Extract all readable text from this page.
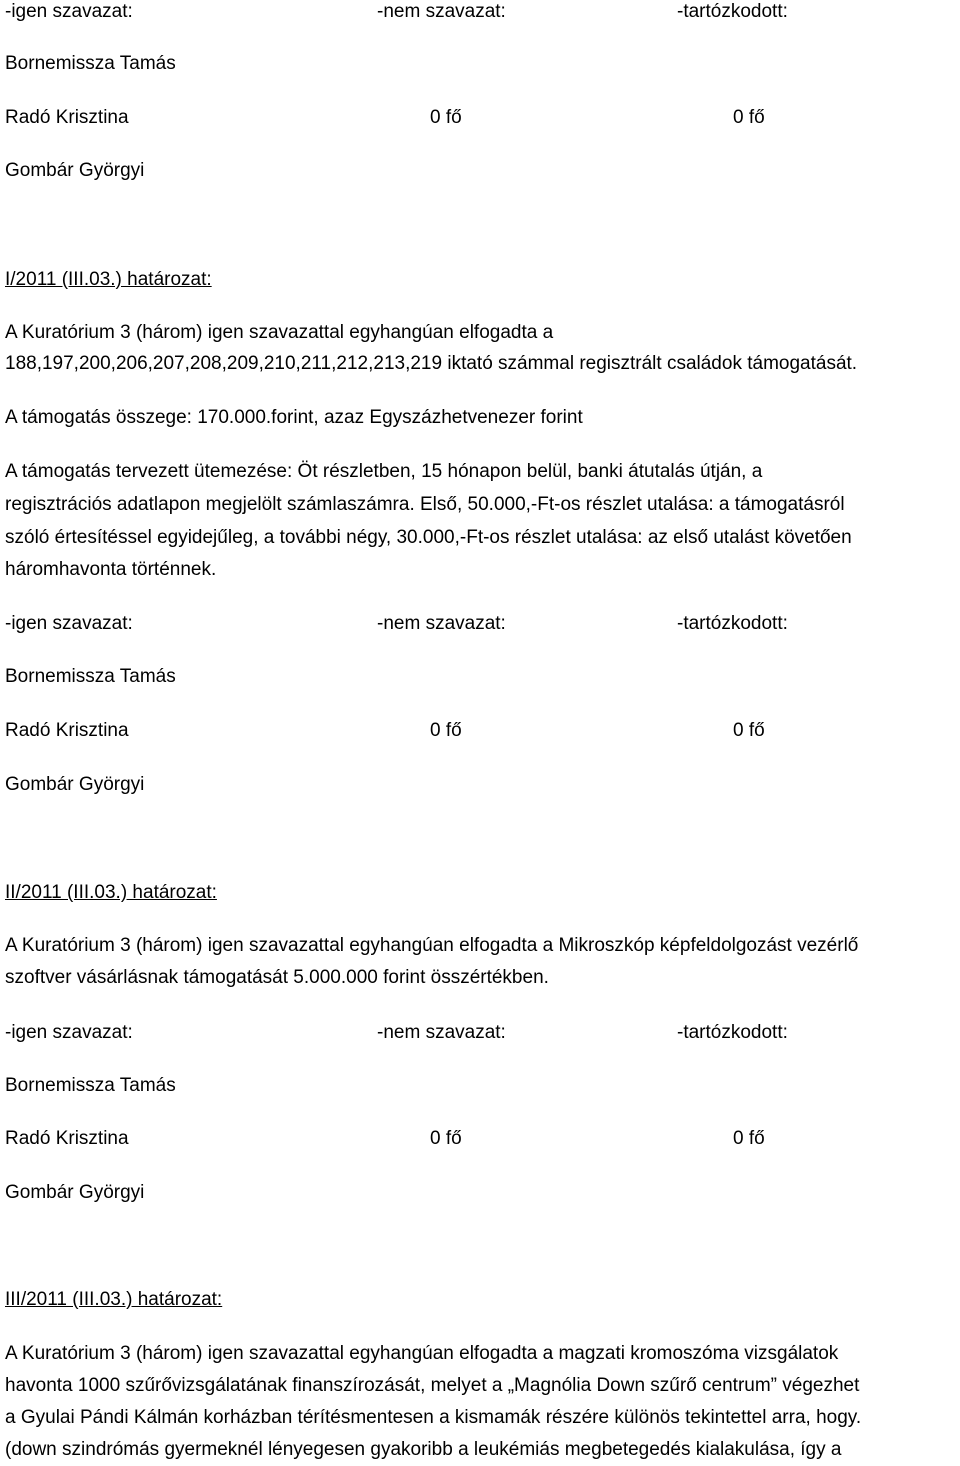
-igen szavazat:	-nem szavazat:	-tartózkodott:
Bornemissza Tamás
Radó Krisztina	0 fő	0 fő
Gombár Györgyi
I/2011 (III.03.) határozat:
A Kuratórium 3 (három) igen szavazattal egyhangúan elfogadta a
188,197,200,206,207,208,209,210,211,212,213,219 iktató számmal regisztrált családok támogatását.
A támogatás összege: 170.000.forint, azaz Egyszázhetvenezer forint
A támogatás tervezett ütemezése: Öt részletben, 15 hónapon belül, banki átutalás útján, a
regisztrációs adatlapon megjelölt számlaszámra. Első, 50.000,-Ft-os részlet utalása: a támogatásról
szóló értesítéssel egyidejűleg, a további négy, 30.000,-Ft-os részlet utalása: az első utalást követően
háromhavonta történnek.
-igen szavazat:	-nem szavazat:	-tartózkodott:
Bornemissza Tamás
Radó Krisztina	0 fő	0 fő
Gombár Györgyi
II/2011 (III.03.) határozat:
A Kuratórium 3 (három) igen szavazattal egyhangúan elfogadta a Mikroszkóp képfeldolgozást vezérlő
szoftver vásárlásnak támogatását 5.000.000 forint összértékben.
-igen szavazat:	-nem szavazat:	-tartózkodott:
Bornemissza Tamás
Radó Krisztina	0 fő	0 fő
Gombár Györgyi
III/2011 (III.03.) határozat:
A Kuratórium 3 (három) igen szavazattal egyhangúan elfogadta a magzati kromoszóma vizsgálatok
havonta 1000 szűrővizsgálatának finanszírozását, melyet a „Magnólia Down szűrő centrum” végezhet
a Gyulai Pándi Kálmán korházban térítésmentesen a kismamák részére különös tekintettel arra, hogy.
(down szindrómás gyermeknél lényegesen gyakoribb a leukémiás megbetegedés kialakulása, így a
